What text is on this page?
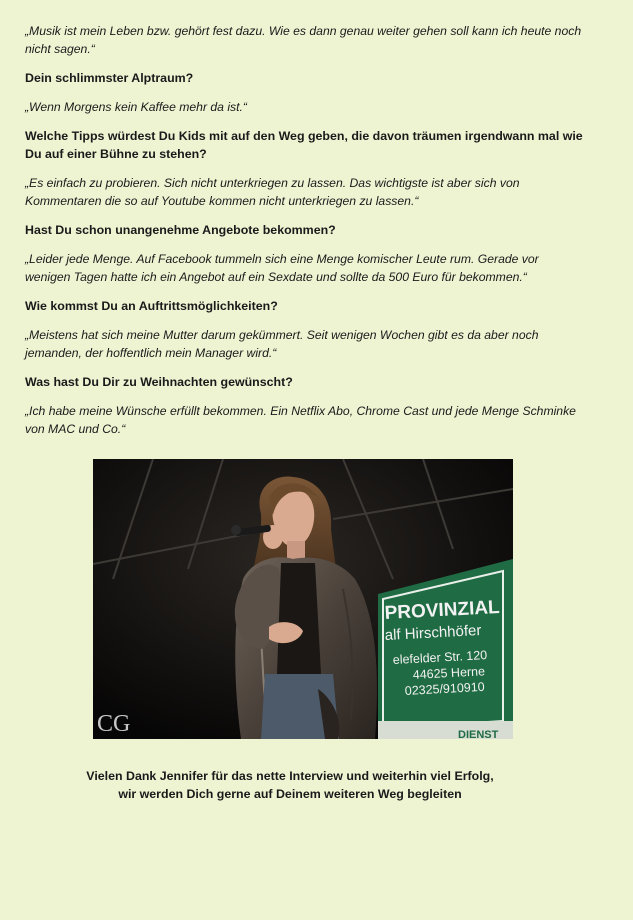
„Musik ist mein Leben bzw. gehört fest dazu. Wie es dann genau weiter gehen soll kann ich heute noch nicht sagen.“

Dein schlimmster Alptraum?

„Wenn Morgens kein Kaffee mehr da ist.“

Welche Tipps würdest Du Kids mit auf den Weg geben, die davon träumen irgendwann mal wie Du auf einer Bühne zu stehen?

„Es einfach zu probieren. Sich nicht unterkriegen zu lassen. Das wichtigste ist aber sich von Kommentaren die so auf Youtube kommen nicht unterkriegen zu lassen.“

Hast Du schon unangenehme Angebote bekommen?

„Leider jede Menge. Auf Facebook tummeln sich eine Menge komischer Leute rum. Gerade vor wenigen Tagen hatte ich ein Angebot auf ein Sexdate und sollte da 500 Euro für bekommen.“

Wie kommst Du an Auftrittsmöglichkeiten?

„Meistens hat sich meine Mutter darum gekümmert. Seit wenigen Wochen gibt es da aber noch jemanden, der hoffentlich mein Manager wird.“

Was hast Du Dir zu Weihnachten gewünscht?

„Ich habe meine Wünsche erfüllt bekommen. Ein Netflix Abo, Chrome Cast und jede Menge Schminke von MAC und Co.“

PROVINZIAL
alf Hirschhöfer
elefelder Str. 120
44625 Herne
02325/910910
DIENST
CG
Vielen Dank Jennifer für das nette Interview und weiterhin viel Erfolg,
wir werden Dich gerne auf Deinem weiteren Weg begleiten
